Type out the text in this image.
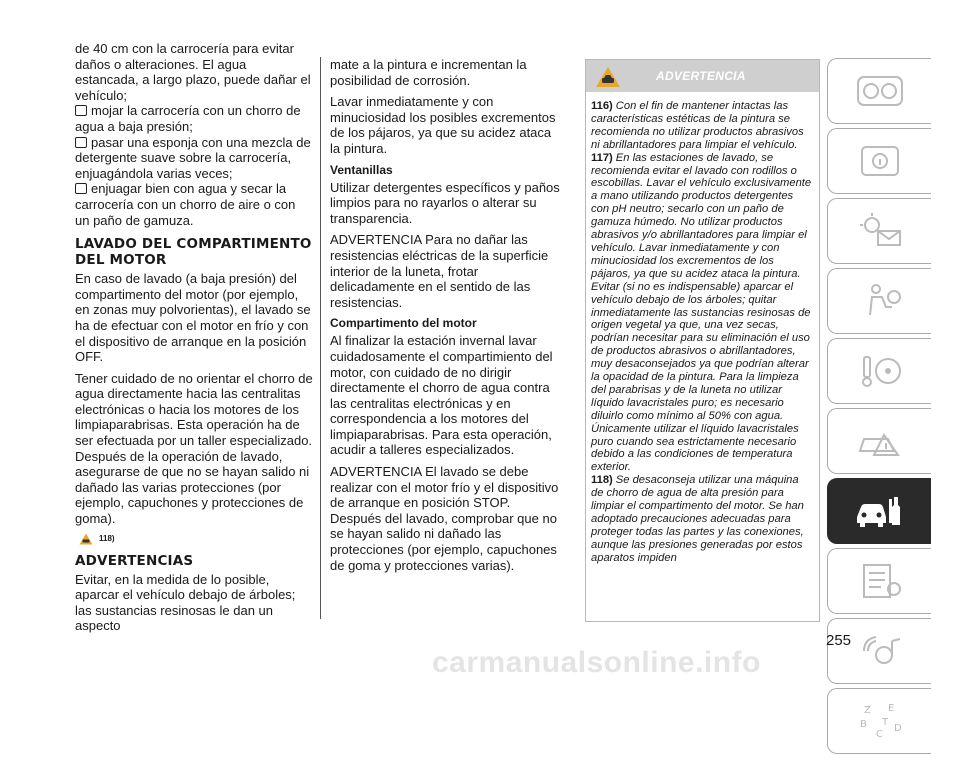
de 40 cm con la carrocería para evitar daños o alteraciones. El agua estancada, a largo plazo, puede dañar el vehículo;

mojar la carrocería con un chorro de agua a baja presión;

pasar una esponja con una mezcla de detergente suave sobre la carrocería, enjuagándola varias veces;

enjuagar bien con agua y secar la carrocería con un chorro de aire o con un paño de gamuza.

LAVADO DEL COMPARTIMENTO DEL MOTOR

En caso de lavado (a baja presión) del compartimento del motor (por ejemplo, en zonas muy polvorientas), el lavado se ha de efectuar con el motor en frío y con el dispositivo de arranque en la posición OFF.

Tener cuidado de no orientar el chorro de agua directamente hacia las centralitas electrónicas o hacia los motores de los limpiaparabrisas. Esta operación ha de ser efectuada por un taller especializado. Después de la operación de lavado, asegurarse de que no se hayan salido ni dañado las varias protecciones (por ejemplo, capuchones y protecciones de goma).

118)
ADVERTENCIAS

Evitar, en la medida de lo posible, aparcar el vehículo debajo de árboles; las sustancias resinosas le dan un aspecto

mate a la pintura e incrementan la posibilidad de corrosión.

Lavar inmediatamente y con minuciosidad los posibles excrementos de los pájaros, ya que su acidez ataca la pintura.

Ventanillas

Utilizar detergentes específicos y paños limpios para no rayarlos o alterar su transparencia.

ADVERTENCIA Para no dañar las resistencias eléctricas de la superficie interior de la luneta, frotar delicadamente en el sentido de las resistencias.

Compartimento del motor

Al finalizar la estación invernal lavar cuidadosamente el compartimiento del motor, con cuidado de no dirigir directamente el chorro de agua contra las centralitas electrónicas y en correspondencia a los motores del limpiaparabrisas. Para esta operación, acudir a talleres especializados.

ADVERTENCIA El lavado se debe realizar con el motor frío y el dispositivo de arranque en posición STOP. Después del lavado, comprobar que no se hayan salido ni dañado las protecciones (por ejemplo, capuchones de goma y protecciones varias).

ADVERTENCIA

116) Con el fin de mantener intactas las características estéticas de la pintura se recomienda no utilizar productos abrasivos ni abrillantadores para limpiar el vehículo.

117) En las estaciones de lavado, se recomienda evitar el lavado con rodillos o escobillas. Lavar el vehículo exclusivamente a mano utilizando productos detergentes con pH neutro; secarlo con un paño de gamuza húmedo. No utilizar productos abrasivos y/o abrillantadores para limpiar el vehículo. Lavar inmediatamente y con minuciosidad los excrementos de los pájaros, ya que su acidez ataca la pintura. Evitar (si no es indispensable) aparcar el vehículo debajo de los árboles; quitar inmediatamente las sustancias resinosas de origen vegetal ya que, una vez secas, podrían necesitar para su eliminación el uso de productos abrasivos o abrillantadores, muy desaconsejados ya que podrían alterar la opacidad de la pintura. Para la limpieza del parabrisas y de la luneta no utilizar líquido lavacristales puro; es necesario diluirlo como mínimo al 50% con agua. Únicamente utilizar el líquido lavacristales puro cuando sea estrictamente necesario debido a las condiciones de temperatura exterior.

118) Se desaconseja utilizar una máquina de chorro de agua de alta presión para limpiar el compartimento del motor. Se han adoptado precauciones adecuadas para proteger todas las partes y las conexiones, aunque las presiones generadas por estos aparatos impiden

Z E
B
C
D
T
255
carmanualsonline.info
